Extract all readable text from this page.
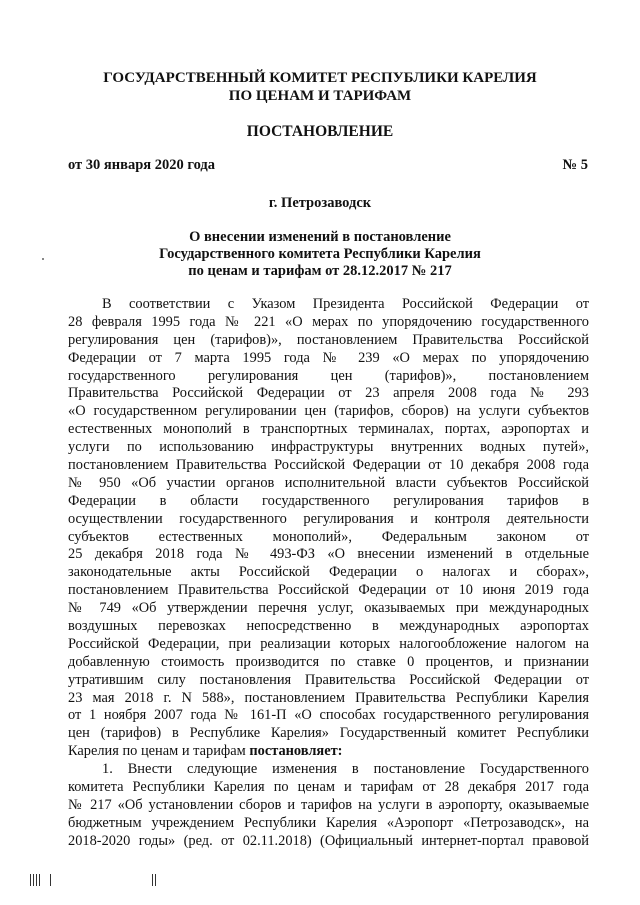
ГОСУДАРСТВЕННЫЙ КОМИТЕТ РЕСПУБЛИКИ КАРЕЛИЯ
ПО ЦЕНАМ И ТАРИФАМ
ПОСТАНОВЛЕНИЕ
от 30 января 2020 года	№ 5
г. Петрозаводск
О внесении изменений в постановление
Государственного комитета Республики Карелия
по ценам и тарифам от 28.12.2017 № 217
В соответствии с Указом Президента Российской Федерации от
28 февраля 1995 года № 221 «О мерах по упорядочению государственного
регулирования цен (тарифов)», постановлением Правительства Российской
Федерации от 7 марта 1995 года № 239 «О мерах по упорядочению
государственного регулирования цен (тарифов)», постановлением
Правительства Российской Федерации от 23 апреля 2008 года № 293
«О государственном регулировании цен (тарифов, сборов) на услуги субъектов
естественных монополий в транспортных терминалах, портах, аэропортах и
услуги по использованию инфраструктуры внутренних водных путей»,
постановлением Правительства Российской Федерации от 10 декабря 2008 года
№ 950 «Об участии органов исполнительной власти субъектов Российской
Федерации в области государственного регулирования тарифов в
осуществлении государственного регулирования и контроля деятельности
субъектов естественных монополий», Федеральным законом от
25 декабря 2018 года № 493-ФЗ «О внесении изменений в отдельные
законодательные акты Российской Федерации о налогах и сборах»,
постановлением Правительства Российской Федерации от 10 июня 2019 года
№ 749 «Об утверждении перечня услуг, оказываемых при международных
воздушных перевозках непосредственно в международных аэропортах
Российской Федерации, при реализации которых налогообложение налогом на
добавленную стоимость производится по ставке 0 процентов, и признании
утратившим силу постановления Правительства Российской Федерации от
23 мая 2018 г. N 588», постановлением Правительства Республики Карелия
от 1 ноября 2007 года № 161-П «О способах государственного регулирования
цен (тарифов) в Республике Карелия» Государственный комитет Республики
Карелия по ценам и тарифам постановляет:
1. Внести следующие изменения в постановление Государственного
комитета Республики Карелия по ценам и тарифам от 28 декабря 2017 года
№ 217 «Об установлении сборов и тарифов на услуги в аэропорту, оказываемые
бюджетным учреждением Республики Карелия «Аэропорт «Петрозаводск», на
2018-2020 годы» (ред. от 02.11.2018) (Официальный интернет-портал правовой
